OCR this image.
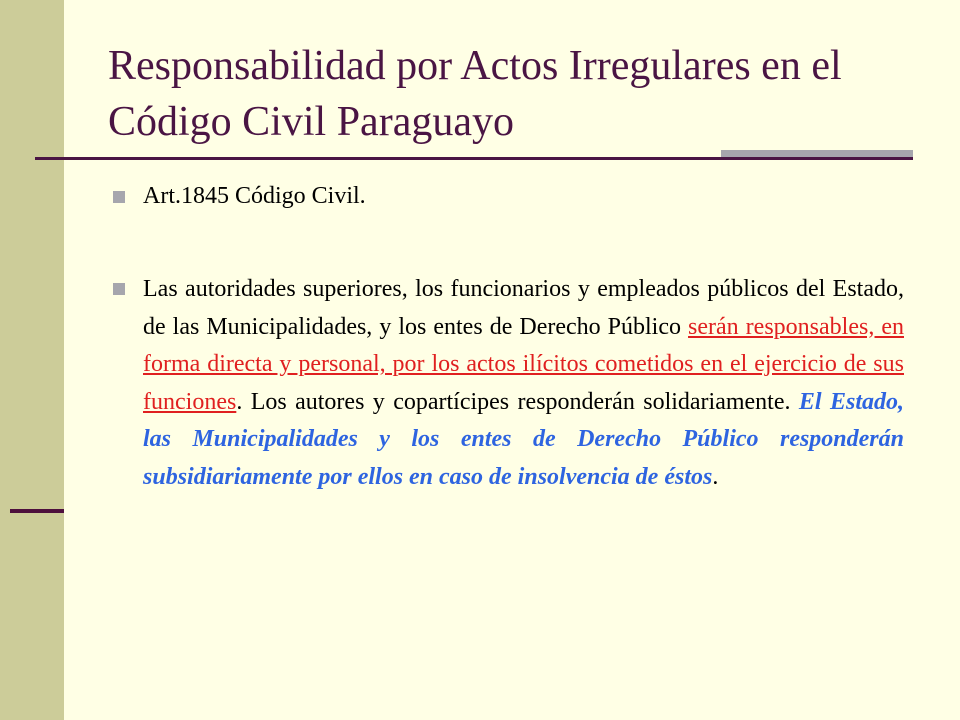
Responsabilidad por Actos Irregulares en el Código Civil Paraguayo
Art.1845 Código Civil.

Las autoridades superiores, los funcionarios y empleados públicos del Estado, de las Municipalidades, y los entes de Derecho Público serán responsables, en forma directa y personal, por los actos ilícitos cometidos en el ejercicio de sus funciones. Los autores y copartícipes responderán solidariamente. El Estado, las Municipalidades y los entes de Derecho Público responderán subsidiariamente por ellos en caso de insolvencia de éstos.
